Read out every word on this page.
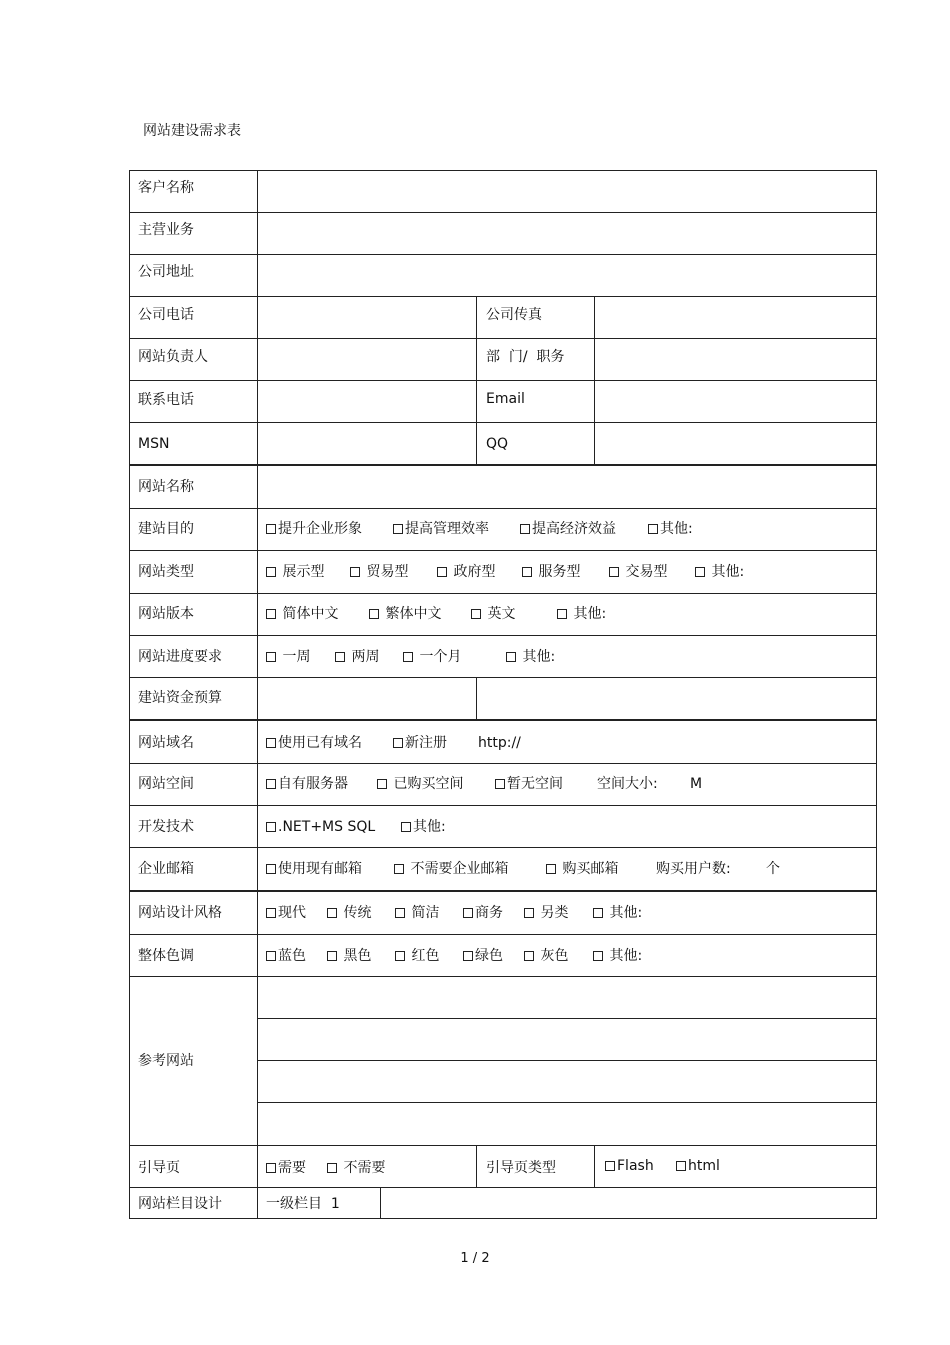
网站建设需求表
客户名称
主营业务
公司地址
公司电话	公司传真
网站负责人	部  门/  职务
联系电话	Email
MSN	QQ
网站名称
建站目的	提升企业形象	提高管理效率	提高经济效益	其他:
网站类型	展示型	贸易型	政府型	服务型	交易型	其他:
网站版本	简体中文	繁体中文	英文	其他:
网站进度要求	一周	两周	一个月	其他:
建站资金预算
网站域名	使用已有域名	新注册 http://
网站空间	自有服务器	已购买空间	暂无空间 空间大小: M
开发技术	.NET+MS SQL	其他:
企业邮箱	使用现有邮箱	不需要企业邮箱	购买邮箱	购买用户数:	个
网站设计风格	现代	传统	简洁	商务	另类	其他:
整体色调	蓝色	黑色	红色	绿色	灰色	其他:
参考网站
引导页	需要	不需要	引导页类型	Flash	html
网站栏目设计	一级栏目  1
1 / 2
